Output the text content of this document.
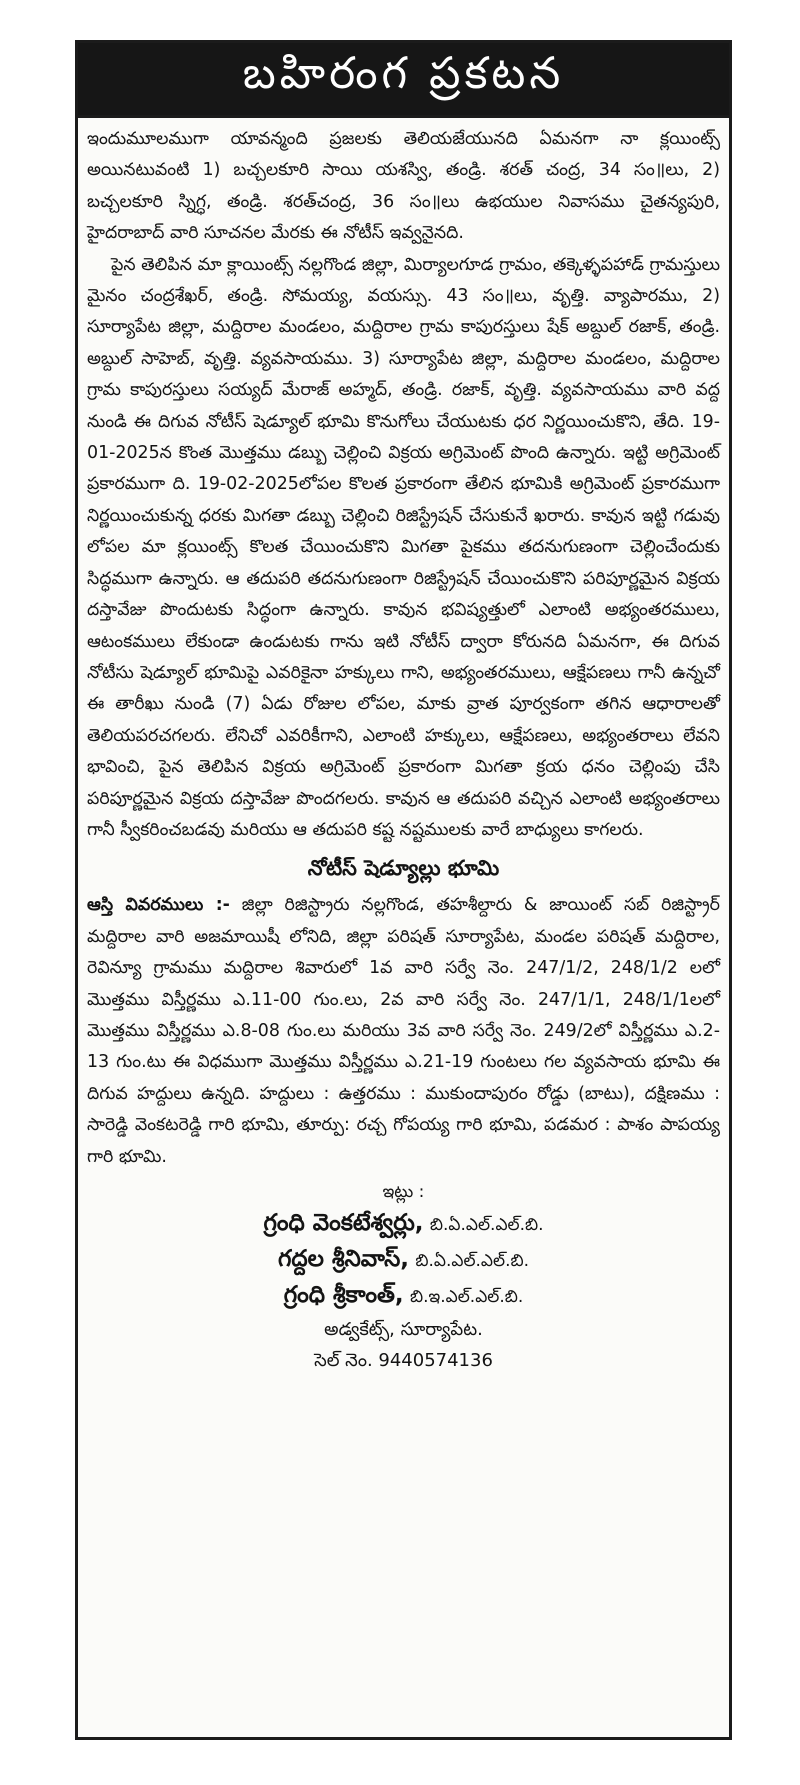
బహిరంగ ప్రకటన

ఇందుమూలముగా యావన్మంది ప్రజలకు తెలియజేయునది ఏమనగా నా క్లయింట్స్ అయినటువంటి 1) బచ్చలకూరి సాయి యశస్వి, తండ్రి. శరత్ చంద్ర, 34 సం॥లు, 2) బచ్చలకూరి స్నిగ్ధ, తండ్రి. శరత్‌చంద్ర, 36 సం॥లు ఉభయుల నివాసము చైతన్యపురి, హైదరాబాద్ వారి సూచనల మేరకు ఈ నోటీస్ ఇవ్వనైనది.

పైన తెలిపిన మా క్లాయింట్స్ నల్లగొండ జిల్లా, మిర్యాలగూడ గ్రామం, తక్కెళ్ళపహాడ్ గ్రామస్తులు మైనం చంద్రశేఖర్, తండ్రి. సోమయ్య, వయస్సు. 43 సం॥లు, వృత్తి. వ్యాపారము, 2) సూర్యాపేట జిల్లా, మద్దిరాల మండలం, మద్దిరాల గ్రామ కాపురస్తులు షేక్ అబ్దుల్ రజాక్, తండ్రి. అబ్దుల్ సాహెబ్, వృత్తి. వ్యవసాయము. 3) సూర్యాపేట జిల్లా, మద్దిరాల మండలం, మద్దిరాల గ్రామ కాపురస్తులు సయ్యద్ మేరాజ్ అహ్మద్, తండ్రి. రజాక్, వృత్తి. వ్యవసాయము వారి వద్ద నుండి ఈ దిగువ నోటీస్ షెడ్యూల్ భూమి కొనుగోలు చేయుటకు ధర నిర్ణయించుకొని, తేది. 19-01-2025న కొంత మొత్తము డబ్బు చెల్లించి విక్రయ అగ్రిమెంట్ పొంది ఉన్నారు. ఇట్టి అగ్రిమెంట్ ప్రకారముగా ది. 19-02-2025లోపల కొలత ప్రకారంగా తేలిన భూమికి అగ్రిమెంట్ ప్రకారముగా నిర్ణయించుకున్న ధరకు మిగతా డబ్బు చెల్లించి రిజిస్ట్రేషన్ చేసుకునే ఖరారు. కావున ఇట్టి గడువు లోపల మా క్లయింట్స్ కొలత చేయించుకొని మిగతా పైకము తదనుగుణంగా చెల్లించేందుకు సిద్ధముగా ఉన్నారు. ఆ తదుపరి తదనుగుణంగా రిజిస్ట్రేషన్ చేయించుకొని పరిపూర్ణమైన విక్రయ దస్తావేజు పొందుటకు సిద్ధంగా ఉన్నారు. కావున భవిష్యత్తులో ఎలాంటి అభ్యంతరములు, ఆటంకములు లేకుండా ఉండుటకు గాను ఇటి నోటీస్ ద్వారా కోరునది ఏమనగా, ఈ దిగువ నోటీసు షెడ్యూల్ భూమిపై ఎవరికైనా హక్కులు గాని, అభ్యంతరములు, ఆక్షేపణలు గానీ ఉన్నచో ఈ తారీఖు నుండి (7) ఏడు రోజుల లోపల, మాకు వ్రాత పూర్వకంగా తగిన ఆధారాలతో తెలియపరచగలరు. లేనిచో ఎవరికీగాని, ఎలాంటి హక్కులు, ఆక్షేపణలు, అభ్యంతరాలు లేవని భావించి, పైన తెలిపిన విక్రయ అగ్రిమెంట్ ప్రకారంగా మిగతా క్రయ ధనం చెల్లింపు చేసి పరిపూర్ణమైన విక్రయ దస్తావేజు పొందగలరు. కావున ఆ తదుపరి వచ్చిన ఎలాంటి అభ్యంతరాలు గానీ స్వీకరించబడవు మరియు ఆ తదుపరి కష్ట నష్టములకు వారే బాధ్యులు కాగలరు.

నోటీస్ షెడ్యూల్లు భూమి

ఆస్తి వివరములు :- జిల్లా రిజిస్ట్రారు నల్లగొండ, తహశీల్దారు & జాయింట్ సబ్ రిజిస్ట్రార్ మద్దిరాల వారి అజమాయిషీ లోనిది, జిల్లా పరిషత్ సూర్యాపేట, మండల పరిషత్ మద్దిరాల, రెవిన్యూ గ్రామము మద్దిరాల శివారులో 1వ వారి సర్వే నెం. 247/1/2, 248/1/2 లలో మొత్తము విస్తీర్ణము ఎ.11-00 గుం.లు, 2వ వారి సర్వే నెం. 247/1/1, 248/1/1లలో మొత్తము విస్తీర్ణము ఎ.8-08 గుం.లు మరియు 3వ వారి సర్వే నెం. 249/2లో విస్తీర్ణము ఎ.2-13 గుం.టు ఈ విధముగా మొత్తము విస్తీర్ణము ఎ.21-19 గుంటలు గల వ్యవసాయ భూమి ఈ దిగువ హద్దులు ఉన్నది. హద్దులు : ఉత్తరము : ముకుందాపురం రోడ్డు (బాటు), దక్షిణము : సారెడ్డి వెంకటరెడ్డి గారి భూమి, తూర్పు: రచ్చ గోపయ్య గారి భూమి, పడమర : పాశం పాపయ్య గారి భూమి.

ఇట్లు :
గ్రంధి వెంకటేశ్వర్లు, బి.ఏ.ఎల్.ఎల్.బి.
గద్దల శ్రీనివాస్, బి.ఏ.ఎల్.ఎల్.బి.
గ్రంధి శ్రీకాంత్, బి.ఇ.ఎల్.ఎల్.బి.
అడ్వకేట్స్, సూర్యాపేట.
సెల్ నెం. 9440574136
